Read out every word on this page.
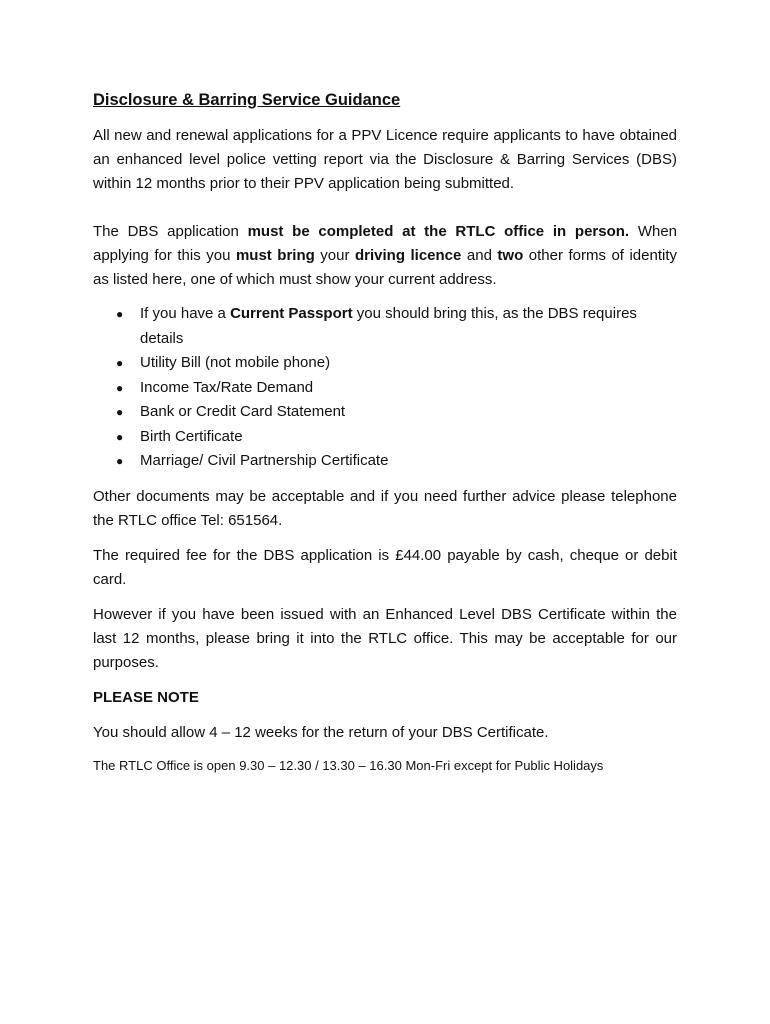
Disclosure & Barring Service Guidance

All new and renewal applications for a PPV Licence require applicants to have obtained an enhanced level police vetting report via the Disclosure & Barring Services (DBS) within 12 months prior to their PPV application being submitted.

The DBS application must be completed at the RTLC office in person. When applying for this you must bring your driving licence and two other forms of identity as listed here, one of which must show your current address.

● If you have a Current Passport you should bring this, as the DBS requires details
● Utility Bill (not mobile phone)
● Income Tax/Rate Demand
● Bank or Credit Card Statement
● Birth Certificate
● Marriage/ Civil Partnership Certificate

Other documents may be acceptable and if you need further advice please telephone the RTLC office Tel: 651564.

The required fee for the DBS application is £44.00 payable by cash, cheque or debit card.

However if you have been issued with an Enhanced Level DBS Certificate within the last 12 months, please bring it into the RTLC office. This may be acceptable for our purposes.

PLEASE NOTE

You should allow 4 – 12 weeks for the return of your DBS Certificate.

The RTLC Office is open 9.30 – 12.30 / 13.30 – 16.30 Mon-Fri except for Public Holidays
